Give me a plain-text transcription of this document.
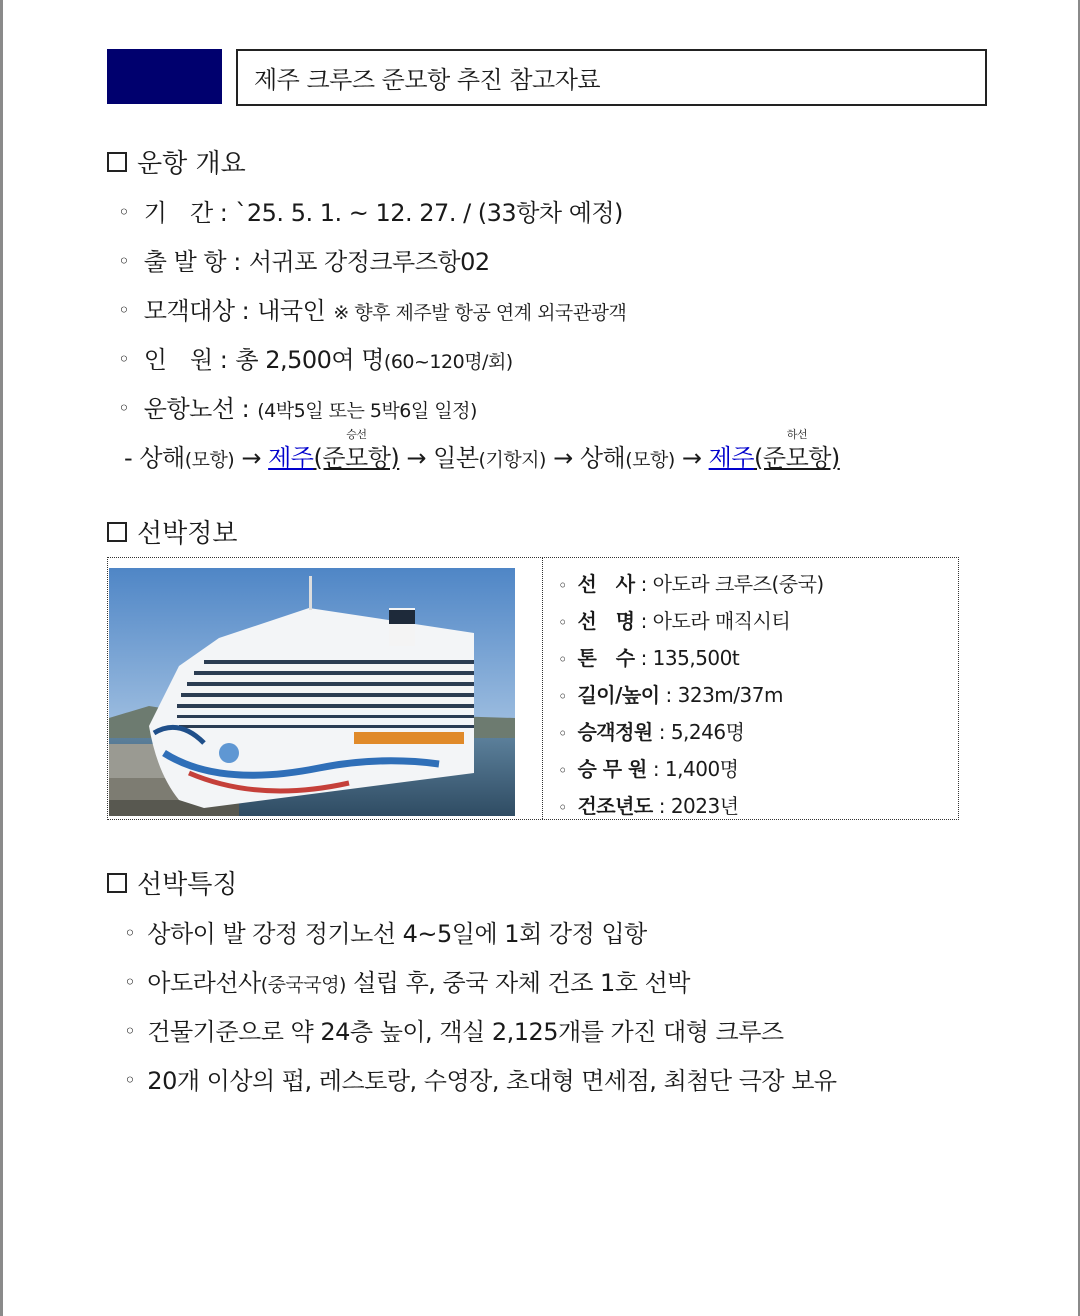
제주 크루즈 준모항 추진 참고자료
운항 개요
◦ 기　간 : `25. 5. 1. ~ 12. 27. / (33항차 예정)
◦ 출 발 항 : 서귀포 강정크루즈항02
◦ 모객대상 : 내국인 ※ 향후 제주발 항공 연계 외국관광객
◦ 인　원 : 총 2,500여 명 (60~120명/회)
◦ 운항노선 : (4박5일 또는 5박6일 일정)
- 상해(모항) → 제주
승선
(준모항) → 일본(기항지) → 상해(모항) → 제주
하선
(준모항)
선박정보
◦ 선　사 : 아도라 크루즈(중국)
◦ 선　명 : 아도라 매직시티
◦ 톤　수 : 135,500t
◦ 길이/높이 : 323m/37m
◦ 승객정원 : 5,246명
◦ 승 무 원 : 1,400명
◦ 건조년도 : 2023년
선박특징
◦ 상하이 발 강정 정기노선 4~5일에 1회 강정 입항
◦ 아도라선사 (중국국영) 설립 후, 중국 자체 건조 1호 선박
◦ 건물기준으로 약 24층 높이, 객실 2,125개를 가진 대형 크루즈
◦ 20개 이상의 펍, 레스토랑, 수영장, 초대형 면세점, 최첨단 극장 보유
